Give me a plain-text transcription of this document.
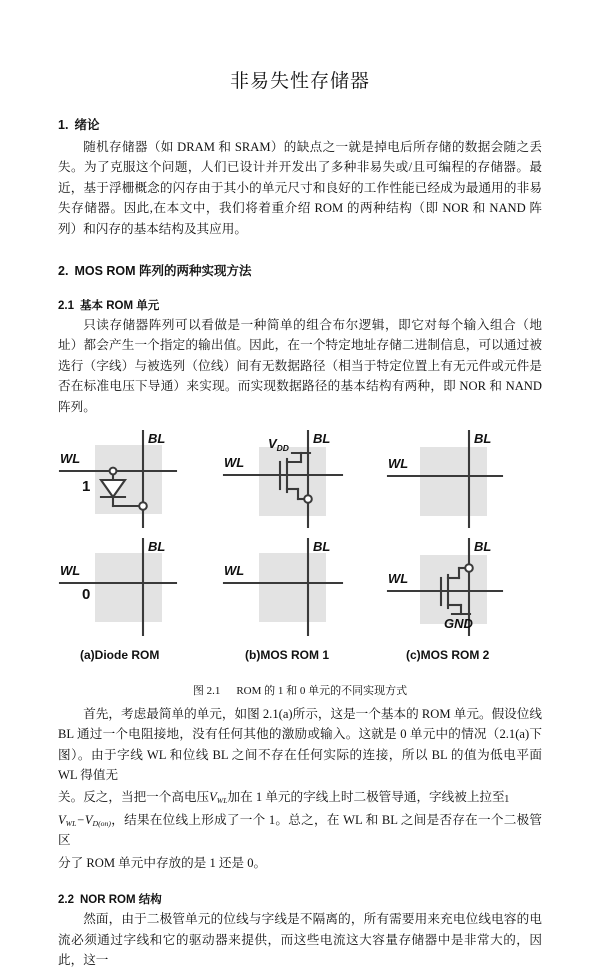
非易失性存储器
1. 绪论

随机存储器（如 DRAM 和 SRAM）的缺点之一就是掉电后所存储的数据会随之丢失。为了克服这个问题，人们已设计并开发出了多种非易失或/且可编程的存储器。最近，基于浮栅概念的闪存由于其小的单元尺寸和良好的工作性能已经成为最通用的非易失存储器。因此,在本文中，我们将着重介绍 ROM 的两种结构（即 NOR 和 NAND 阵列）和闪存的基本结构及其应用。

2. MOS ROM 阵列的两种实现方法
2.1 基本 ROM 单元

只读存储器阵列可以看做是一种简单的组合布尔逻辑，即它对每个输入组合（地址）都会产生一个指定的输出值。因此，在一个特定地址存储二进制信息，可以通过被选行（字线）与被选列（位线）间有无数据路径（相当于特定位置上有无元件或元件是否在标准电压下导通）来实现。而实现数据路径的基本结构有两种，即 NOR 和 NAND 阵列。

1
WL
BL
WL
BL
$V_{DD}$
WL
BL
0
WL
BL
WL
BL
WL
BL
GND
(a)Diode ROM	(b)MOS ROM 1	(c)MOS ROM 2
图 2.1 ROM 的 1 和 0 单元的不同实现方式

首先，考虑最简单的单元，如图 2.1(a)所示，这是一个基本的 ROM 单元。假设位线 BL 通过一个电阻接地，没有任何其他的激励或输入。这就是 0 单元中的情况（2.1(a)下图）。由于字线 WL 和位线 BL 之间不存在任何实际的连接，所以 BL 的值为低电平面 WL 得值无

关。反之，当把一个高电压$V_{WL}$加在 1 单元的字线上时二极管导通，字线被上拉至

$V_{WL}-V_{D(on)}$，结果在位线上形成了一个 1。总之，在 WL 和 BL 之间是否存在一个二极管区

分了 ROM 单元中存放的是 1 还是 0。

2.2 NOR ROM 结构

然面，由于二极管单元的位线与字线是不隔离的，所有需要用来充电位线电容的电流必须通过字线和它的驱动器来提供，而这些电流这大容量存储器中是非常大的，因此，这一

1
